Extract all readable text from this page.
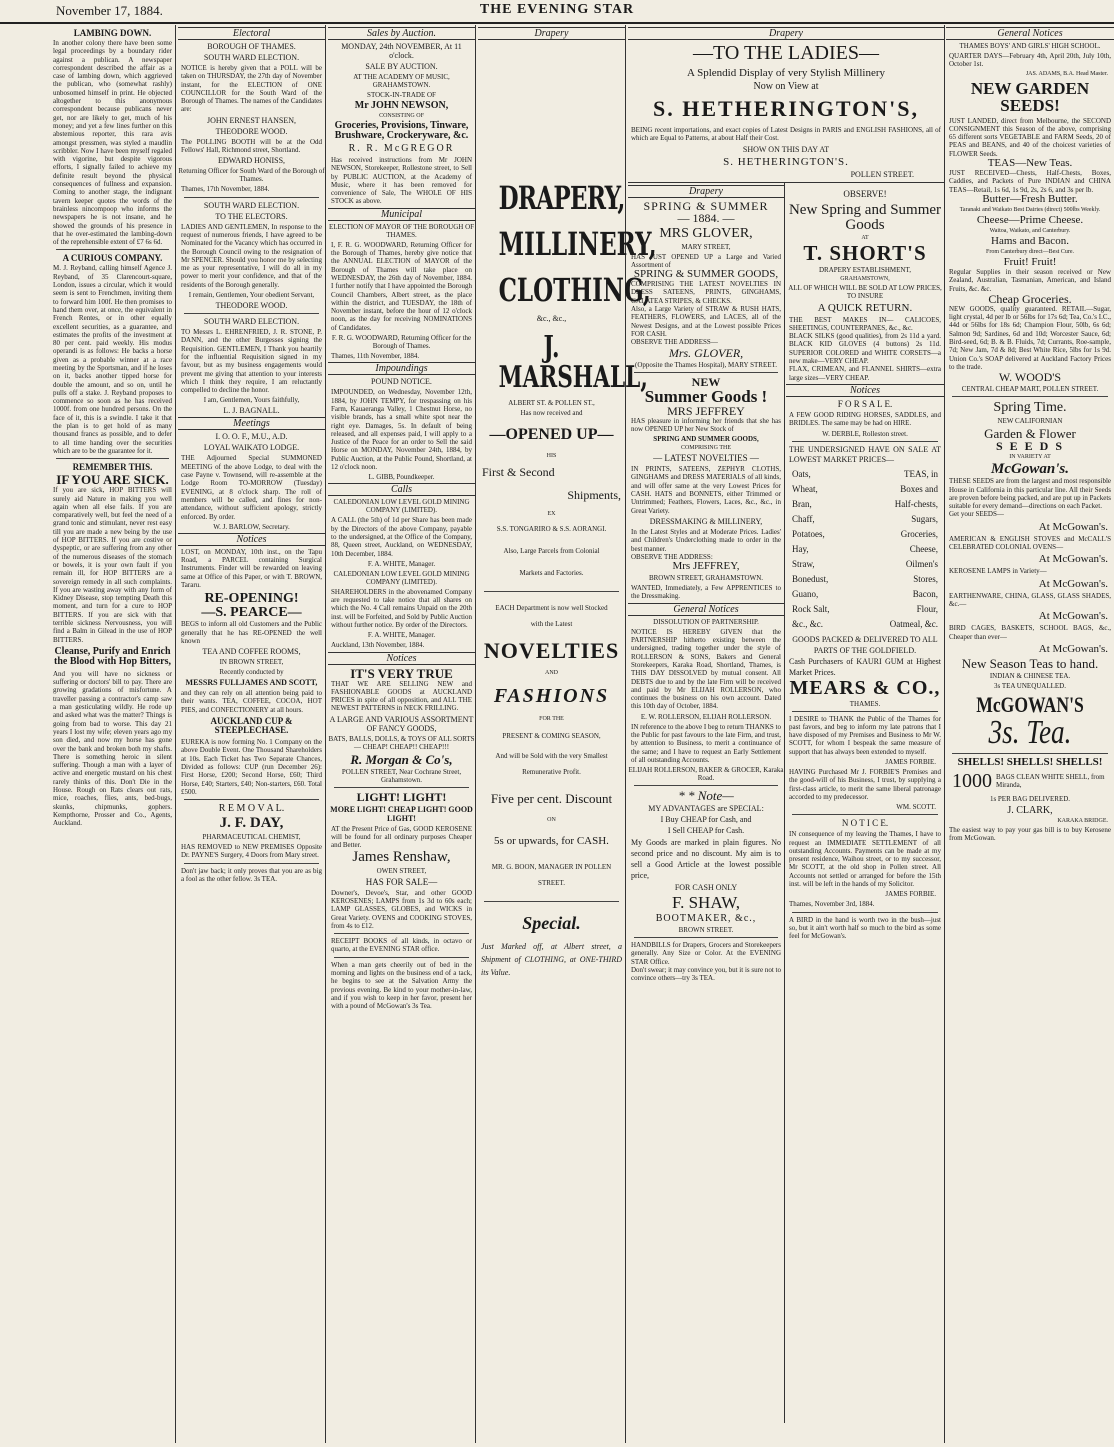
November 17, 1884.	THE EVENING STAR
LAMBING DOWN.
In another colony there have been some legal proceedings by a boundary rider against a publican. A newspaper correspondent described the affair as a case of lambing down, which aggrieved the publican, who (somewhat rashly) unbosomed himself in print. He objected altogether to this anonymous correspondent because publicans never get, nor are likely to get, much of his money; and yet a few lines further on this abstemious reporter, this rara avis amongst pressmen, was styled a maudlin scribbler. Now I have been myself regaled with vigorine, but despite vigorous efforts, I signally failed to achieve my definite result beyond the physical consequences of fullness and expansion. Coming to another stage, the indignant tavern keeper quotes the words of the brainless nincompoop who informs the newspapers he is not insane, and he showed the grounds of his presence in that he over-estimated the lambing-down of the reprehensible extent of £7 6s 6d.
A CURIOUS COMPANY.
M. J. Reyband, calling himself Agence J. Reyband, of 35 Clarencourt-square, London, issues a circular, which it would seem is sent to Frenchmen, inviting them to forward him 100f. He then promises to hand them over, at once, the equivalent in French Rentes, or in other equally excellent securities, as a guarantee, and estimates the profits of the investment at 80 per cent. paid weekly. His modus operandi is as follows: He backs a horse given as a probable winner at a race meeting by the Sportsman, and if he loses on it, backs another tipped horse for double the amount, and so on, until he pulls off a stake. J. Reyband proposes to commence so soon as he has received 1000f. from one hundred persons. On the face of it, this is a swindle. I take it that the plan is to get hold of as many thousand francs as possible, and to defer to all time handing over the securities which are to be the guarantee for it.
REMEMBER THIS.
IF YOU ARE SICK.
If you are sick, HOP BITTERS will surely aid Nature in making you well again when all else fails. If you are comparatively well, but feel the need of a grand tonic and stimulant, never rest easy till you are made a new being by the use of HOP BITTERS. If you are costive or dyspeptic, or are suffering from any other of the numerous diseases of the stomach or bowels, it is your own fault if you remain ill, for HOP BITTERS are a sovereign remedy in all such complaints. If you are wasting away with any form of Kidney Disease, stop tempting Death this moment, and turn for a cure to HOP BITTERS. If you are sick with that terrible sickness Nervousness, you will find a Balm in Gilead in the use of HOP BITTERS.
Cleanse, Purify and Enrich the Blood with Hop Bitters,
And you will have no sickness or suffering or doctors' bill to pay. There are growing gradations of misfortune. A traveller passing a contractor's camp saw a man gesticulating wildly. He rode up and asked what was the matter? Things is going from bad to worse. This day 21 years I lost my wife; eleven years ago my son died, and now my horse has gone over the bank and broken both my shafts. There is something heroic in silent suffering. Though a man with a layer of active and energetic mustard on his chest rarely thinks of this. Don't Die in the House. Rough on Rats clears out rats, mice, roaches, flies, ants, bed-bugs, skunks, chipmunks, gophers. Kempthorne, Prosser and Co., Agents, Auckland.
Electoral
BOROUGH OF THAMES.
SOUTH WARD ELECTION.
NOTICE is hereby given that a POLL will be taken on THURSDAY, the 27th day of November instant, for the ELECTION of ONE COUNCILLOR for the South Ward of the Borough of Thames. The names of the Candidates are:
JOHN ERNEST HANSEN,
THEODORE WOOD.
The POLLING BOOTH will be at the Odd Fellows' Hall, Richmond street, Shortland.
EDWARD HONISS,
Returning Officer for South Ward of the Borough of Thames.
Thames, 17th November, 1884.
SOUTH WARD ELECTION.
TO THE ELECTORS.
LADIES AND GENTLEMEN, In response to the request of numerous friends, I have agreed to be Nominated for the Vacancy which has occurred in the Borough Council owing to the resignation of Mr SPENCER. Should you honor me by selecting me as your representative, I will do all in my power to merit your confidence, and that of the residents of the Borough generally.
I remain, Gentlemen, Your obedient Servant,
THEODORE WOOD.
SOUTH WARD ELECTION.
TO Messrs L. EHRENFRIED, J. R. STONE, P. DANN, and the other Burgesses signing the Requisition. GENTLEMEN, I Thank you heartily for the influential Requisition signed in my favour, but as my business engagements would prevent me giving that attention to your interests which I think they require, I am reluctantly compelled to decline the honor.
I am, Gentlemen, Yours faithfully,
L. J. BAGNALL.
Meetings
I. O. O. F., M.U., A.D.
LOYAL WAIKATO LODGE.
THE Adjourned Special SUMMONED MEETING of the above Lodge, to deal with the case Payne v. Townsend, will re-assemble at the Lodge Room TO-MORROW (Tuesday) EVENING, at 8 o'clock sharp. The roll of members will be called, and fines for non-attendance, without sufficient apology, strictly enforced. By order.
W. J. BARLOW, Secretary.
Notices
LOST, on MONDAY, 10th inst., on the Tapu Road, a PARCEL containing Surgical Instruments. Finder will be rewarded on leaving same at Office of this Paper, or with T. BROWN, Tararu.
RE-OPENING!
—S. PEARCE—
BEGS to inform all old Customers and the Public generally that he has RE-OPENED the well known
TEA AND COFFEE ROOMS,
IN BROWN STREET,
Recently conducted by
MESSRS FULLJAMES AND SCOTT,
and they can rely on all attention being paid to their wants. TEA, COFFEE, COCOA, HOT PIES, and CONFECTIONERY at all hours.
AUCKLAND CUP & STEEPLECHASE.
EUREKA is now forming No. 1 Company on the above Double Event. One Thousand Shareholders at 10s. Each Ticket has Two Separate Chances, Divided as follows: CUP (run December 26): First Horse, £200; Second Horse, £60; Third Horse, £40; Starters, £40; Non-starters, £60. Total £500.
R E M O V A L.
J. F. DAY,
PHARMACEUTICAL CHEMIST,
HAS REMOVED to NEW PREMISES Opposite Dr. PAYNE'S Surgery, 4 Doors from Mary street.
Don't jaw back; it only proves that you are as big a fool as the other fellow. 3s TEA.
Sales by Auction.
MONDAY, 24th NOVEMBER, At 11 o'clock.
SALE BY AUCTION.
AT THE ACADEMY OF MUSIC, GRAHAMSTOWN.
STOCK-IN-TRADE OF
Mr JOHN NEWSON,
CONSISTING OF
Groceries, Provisions, Tinware, Brushware, Crockeryware, &c.
R. R. McGREGOR
Has received instructions from Mr JOHN NEWSON, Storekeeper, Rollestone street, to Sell by PUBLIC AUCTION, at the Academy of Music, where it has been removed for convenience of Sale, The WHOLE OF HIS STOCK as above.
Municipal
ELECTION OF MAYOR OF THE BOROUGH OF THAMES.
I, F. R. G. WOODWARD, Returning Officer for the Borough of Thames, hereby give notice that the ANNUAL ELECTION of MAYOR of the Borough of Thames will take place on WEDNESDAY, the 26th day of November, 1884. I further notify that I have appointed the Borough Council Chambers, Albert street, as the place within the district, and TUESDAY, the 18th of November instant, before the hour of 12 o'clock noon, as the day for receiving NOMINATIONS of Candidates.
F. R. G. WOODWARD, Returning Officer for the Borough of Thames.
Thames, 11th November, 1884.
Impoundings
POUND NOTICE.
IMPOUNDED, on Wednesday, November 12th, 1884, by JOHN TEMPY, for trespassing on his Farm, Kauaeranga Valley, 1 Chestnut Horse, no visible brands, has a small white spot near the right eye. Damages, 5s. In default of being released, and all expenses paid, I will apply to a Justice of the Peace for an order to Sell the said Horse on MONDAY, November 24th, 1884, by Public Auction, at the Public Pound, Shortland, at 12 o'clock noon.
L. GIBB, Poundkeeper.
Calls
CALEDONIAN LOW LEVEL GOLD MINING COMPANY (LIMITED).
A CALL (the 5th) of 1d per Share has been made by the Directors of the above Company, payable to the undersigned, at the Office of the Company, 88, Queen street, Auckland, on WEDNESDAY, 10th December, 1884.
F. A. WHITE, Manager.
CALEDONIAN LOW LEVEL GOLD MINING COMPANY (LIMITED).
SHAREHOLDERS in the abovenamed Company are requested to take notice that all shares on which the No. 4 Call remains Unpaid on the 20th inst. will be Forfeited, and Sold by Public Auction without further notice. By order of the Directors.
F. A. WHITE, Manager.
Auckland, 13th November, 1884.
Notices
IT'S VERY TRUE
THAT WE ARE SELLING NEW and FASHIONABLE GOODS at AUCKLAND PRICES in spite of all opposition, and ALL THE NEWEST PATTERNS in NECK FRILLING.
A LARGE AND VARIOUS ASSORTMENT OF FANCY GOODS,
BATS, BALLS, DOLLS, & TOYS OF ALL SORTS— CHEAP! CHEAP!! CHEAP!!!
R. Morgan & Co's,
POLLEN STREET, Near Cochrane Street, Grahamstown.
LIGHT! LIGHT!
MORE LIGHT! CHEAP LIGHT! GOOD LIGHT!
AT the Present Price of Gas, GOOD KEROSENE will be found for all ordinary purposes Cheaper and Better.
James Renshaw,
OWEN STREET,
HAS FOR SALE—
Downer's, Devoe's, Star, and other GOOD KEROSENES; LAMPS from 1s 3d to 60s each; LAMP GLASSES, GLOBES, and WICKS in Great Variety. OVENS and COOKING STOVES, from 4s to £12.
RECEIPT BOOKS of all kinds, in octavo or quarto, at the EVENING STAR office.
When a man gets cheerily out of bed in the morning and lights on the business end of a tack, he begins to see at the Salvation Army the previous evening. Be kind to your mother-in-law, and if you wish to keep in her favor, present her with a pound of McGowan's 3s Tea.
Drapery
DRAPERY,
MILLINERY,
CLOTHING,
&c., &c.,
J. MARSHALL,
ALBERT ST. & POLLEN ST.,
Has now received and
—OPENED UP—
HIS
First & Second
Shipments,
EX
S.S. TONGARIRO & S.S. AORANGI.
Also, Large Parcels from Colonial
Markets and Factories.
EACH Department is now well Stocked
with the Latest
NOVELTIES
AND
FASHIONS
FOR THE
PRESENT & COMING SEASON,
And will be Sold with the very Smallest
Remunerative Profit.
Five per cent. Discount
ON
5s or upwards, for CASH.
MR. G. BOON, MANAGER IN POLLEN
STREET.
Special.
Just Marked off, at Albert street, a Shipment of CLOTHING, at ONE-THIRD its Value.
Drapery
—TO THE LADIES—
A Splendid Display of very Stylish Millinery
Now on View at
S. HETHERINGTON'S,
BEING recent importations, and exact copies of Latest Designs in PARIS and ENGLISH FASHIONS, all of which are Equal to Patterns, at about Half their Cost.
SHOW ON THIS DAY AT
S. HETHERINGTON'S.
POLLEN STREET.
Drapery
SPRING & SUMMER
— 1884. —
MRS GLOVER,
MARY STREET,
HAS JUST OPENED UP a Large and Varied Assortment of
SPRING & SUMMER GOODS,
COMPRISING THE LATEST NOVELTIES IN DRESS SATEENS, PRINTS, GINGHAMS, GALATEA STRIPES, & CHECKS.
Also, a Large Variety of STRAW & RUSH HATS, FEATHERS, FLOWERS, and LACES, all of the Newest Designs, and at the Lowest possible Prices FOR CASH.
OBSERVE THE ADDRESS—
Mrs. GLOVER,
(Opposite the Thames Hospital), MARY STREET.
NEW
Summer Goods !
MRS JEFFREY
HAS pleasure in informing her friends that she has now OPENED UP her New Stock of
SPRING AND SUMMER GOODS,
COMPRISING THE
— LATEST NOVELTIES —
IN PRINTS, SATEENS, ZEPHYR CLOTHS, GINGHAMS and DRESS MATERIALS of all kinds, and will offer same at the very Lowest Prices for CASH. HATS and BONNETS, either Trimmed or Untrimmed; Feathers, Flowers, Laces, &c., &c., in Great Variety.
DRESSMAKING & MILLINERY,
In the Latest Styles and at Moderate Prices. Ladies' and Children's Underclothing made to order in the best manner.
OBSERVE THE ADDRESS:
Mrs JEFFREY,
BROWN STREET, GRAHAMSTOWN.
WANTED, Immediately, a Few APPRENTICES to the Dressmaking.
General Notices
DISSOLUTION OF PARTNERSHIP.
NOTICE IS HEREBY GIVEN that the PARTNERSHIP hitherto existing between the undersigned, trading together under the style of ROLLERSON & SONS, Bakers and General Storekeepers, Karaka Road, Shortland, Thames, is THIS DAY DISSOLVED by mutual consent. All DEBTS due to and by the late Firm will be received and paid by Mr ELIJAH ROLLERSON, who continues the business on his own account. Dated this 10th day of October, 1884.
E. W. ROLLERSON, ELIJAH ROLLERSON.
IN reference to the above I beg to return THANKS to the Public for past favours to the late Firm, and trust, by attention to Business, to merit a continuance of the same; and I have to request an Early Settlement of all outstanding Accounts.
ELIJAH ROLLERSON, BAKER & GROCER, Karaka Road.
* * Note—
MY ADVANTAGES are SPECIAL:
I Buy CHEAP for Cash, and
I Sell CHEAP for Cash.
My Goods are marked in plain figures. No second price and no discount. My aim is to sell a Good Article at the lowest possible price,
FOR CASH ONLY
F. SHAW,
BOOTMAKER, &c.,
BROWN STREET.
HANDBILLS for Drapers, Grocers and Storekeepers generally. Any Size or Color. At the EVENING STAR Office.
Don't swear; it may convince you, but it is sure not to convince others—try 3s TEA.
OBSERVE!
New Spring and Summer Goods
AT
T. SHORT'S
DRAPERY ESTABLISHMENT,
GRAHAMSTOWN,
ALL OF WHICH WILL BE SOLD AT LOW PRICES, TO INSURE
A QUICK RETURN.
THE BEST MAKES IN— CALICOES, SHEETINGS, COUNTERPANES, &c., &c.
BLACK SILKS (good qualities), from 2s 11d a yard. BLACK KID GLOVES (4 buttons) 2s 11d. SUPERIOR COLORED and WHITE CORSETS—a new make—VERY CHEAP.
FLAX, CRIMEAN, and FLANNEL SHIRTS—extra large sizes—VERY CHEAP.
Notices
F O R S A L E.
A FEW GOOD RIDING HORSES, SADDLES, and BRIDLES. The same may be had on HIRE.
W. DERBLE, Rolleston street.
THE UNDERSIGNED HAVE ON SALE AT LOWEST MARKET PRICES—
Oats,
Wheat,
Bran,
Chaff,
Potatoes,
Hay,
Straw,
Bonedust,
Guano,
Rock Salt,
&c., &c.
TEAS, in
Boxes and
Half-chests,
Sugars,
Groceries,
Cheese,
Oilmen's
Stores,
Bacon,
Flour,
Oatmeal, &c.
GOODS PACKED & DELIVERED TO ALL PARTS OF THE GOLDFIELD.
Cash Purchasers of KAURI GUM at Highest Market Prices.
MEARS & CO.,
THAMES.
I DESIRE to THANK the Public of the Thames for past favors, and beg to inform my late patrons that I have disposed of my Premises and Business to Mr W. SCOTT, for whom I bespeak the same measure of support that has always been extended to myself.
JAMES FORBIE.
HAVING Purchased Mr J. FORBIE'S Premises and the good-will of his Business, I trust, by supplying a first-class article, to merit the same liberal patronage accorded to my predecessor.
WM. SCOTT.
N O T I C E.
IN consequence of my leaving the Thames, I have to request an IMMEDIATE SETTLEMENT of all outstanding Accounts. Payments can be made at my present residence, Waihou street, or to my successor, Mr SCOTT, at the old shop in Pollen street. All Accounts not settled or arranged for before the 15th inst. will be left in the hands of my Solicitor.
JAMES FORBIE.
Thames, November 3rd, 1884.
A BIRD in the hand is worth two in the bush—just so, but it ain't worth half so much to the bird as some feel for McGowan's.
General Notices
THAMES BOYS' AND GIRLS' HIGH SCHOOL.
QUARTER DAYS—February 4th, April 20th, July 10th, October 1st.
JAS. ADAMS, B.A. Head Master.
NEW GARDEN SEEDS!
JUST LANDED, direct from Melbourne, the SECOND CONSIGNMENT this Season of the above, comprising 65 different sorts VEGETABLE and FARM Seeds, 20 of PEAS and BEANS, and 40 of the choicest varieties of FLOWER Seeds.
TEAS—New Teas.
JUST RECEIVED—Chests, Half-Chests, Boxes, Caddies, and Packets of Pure INDIAN and CHINA TEAS—Retail, 1s 6d, 1s 9d, 2s, 2s 6, and 3s per lb.
Butter—Fresh Butter.
Taranaki and Waikato Best Dairies (direct) 500lbs Weekly.
Cheese—Prime Cheese.
Waitoa, Waikato, and Canterbury.
Hams and Bacon.
From Canterbury direct—Best Cure.
Fruit! Fruit!
Regular Supplies in their season received or New Zealand, Australian, Tasmanian, American, and Island Fruits, &c. &c.
Cheap Groceries.
NEW GOODS, quality guaranteed. RETAIL—Sugar, light crystal, 4d per lb or 56lbs for 17s 6d; Tea, Co.'s I.C., 44d or 56lbs for 18s 6d; Champion Flour, 50lb, 6s 6d; Salmon 9d; Sardines, 6d and 10d; Worcester Sauce, 6d; Bird-seed, 6d; B. & B. Fluids, 7d; Currants, Roe-sample, 7d; New Jam, 7d & 8d; Best White Rice, 5lbs for 1s 9d. Union Co.'s SOAP delivered at Auckland Factory Prices to the trade.
W. WOOD'S
CENTRAL CHEAP MART, POLLEN STREET.
Spring Time.
NEW CALIFORNIAN
Garden & Flower
S E E D S
IN VARIETY AT
McGowan's.
THESE SEEDS are from the largest and most responsible House in California in this particular line. All their Seeds are proven before being packed, and are put up in Packets suitable for every demand—directions on each Packet.
Get your SEEDS—
At McGowan's.
AMERICAN & ENGLISH STOVES and McCALL'S CELEBRATED COLONIAL OVENS—
At McGowan's.
KEROSENE LAMPS in Variety—
At McGowan's.
EARTHENWARE, CHINA, GLASS, GLASS SHADES, &c.—
At McGowan's.
BIRD CAGES, BASKETS, SCHOOL BAGS, &c., Cheaper than ever—
At McGowan's.
New Season Teas to hand.
INDIAN & CHINESE TEA.
3s TEA UNEQUALLED.
McGOWAN'S
3s. Tea.
SHELLS! SHELLS! SHELLS!
1000 BAGS CLEAN WHITE SHELL, from Miranda,
1s PER BAG DELIVERED.
J. CLARK,
KARAKA BRIDGE.
The easiest way to pay your gas bill is to buy Kerosene from McGowan.
